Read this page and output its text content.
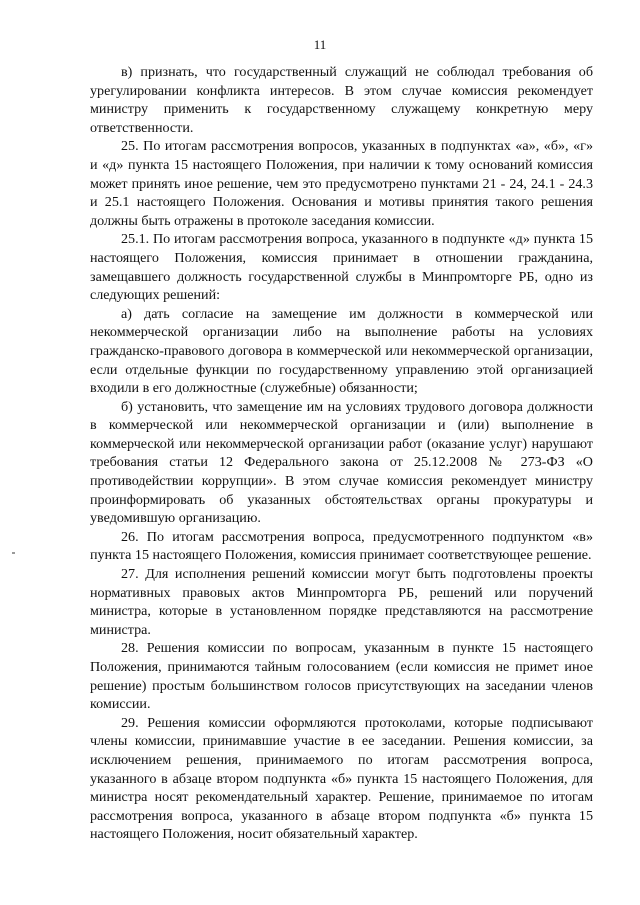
11

в) признать, что государственный служащий не соблюдал требования об урегулировании конфликта интересов. В этом случае комиссия рекомендует министру применить к государственному служащему конкретную меру ответственности.

25. По итогам рассмотрения вопросов, указанных в подпунктах «а», «б», «г» и «д» пункта 15 настоящего Положения, при наличии к тому оснований комиссия может принять иное решение, чем это предусмотрено пунктами 21 - 24, 24.1 - 24.3 и 25.1 настоящего Положения. Основания и мотивы принятия такого решения должны быть отражены в протоколе заседания комиссии.

25.1. По итогам рассмотрения вопроса, указанного в подпункте «д» пункта 15 настоящего Положения, комиссия принимает в отношении гражданина, замещавшего должность государственной службы в Минпромторге РБ, одно из следующих решений:

а) дать согласие на замещение им должности в коммерческой или некоммерческой организации либо на выполнение работы на условиях гражданско-правового договора в коммерческой или некоммерческой организации, если отдельные функции по государственному управлению этой организацией входили в его должностные (служебные) обязанности;

б) установить, что замещение им на условиях трудового договора должности в коммерческой или некоммерческой организации и (или) выполнение в коммерческой или некоммерческой организации работ (оказание услуг) нарушают требования статьи 12 Федерального закона от 25.12.2008 № 273-ФЗ «О противодействии коррупции». В этом случае комиссия рекомендует министру проинформировать об указанных обстоятельствах органы прокуратуры и уведомившую организацию.

26. По итогам рассмотрения вопроса, предусмотренного подпунктом «в» пункта 15 настоящего Положения, комиссия принимает соответствующее решение.

27. Для исполнения решений комиссии могут быть подготовлены проекты нормативных правовых актов Минпромторга РБ, решений или поручений министра, которые в установленном порядке представляются на рассмотрение министра.

28. Решения комиссии по вопросам, указанным в пункте 15 настоящего Положения, принимаются тайным голосованием (если комиссия не примет иное решение) простым большинством голосов присутствующих на заседании членов комиссии.

29. Решения комиссии оформляются протоколами, которые подписывают члены комиссии, принимавшие участие в ее заседании. Решения комиссии, за исключением решения, принимаемого по итогам рассмотрения вопроса, указанного в абзаце втором подпункта «б» пункта 15 настоящего Положения, для министра носят рекомендательный характер. Решение, принимаемое по итогам рассмотрения вопроса, указанного в абзаце втором подпункта «б» пункта 15 настоящего Положения, носит обязательный характер.
